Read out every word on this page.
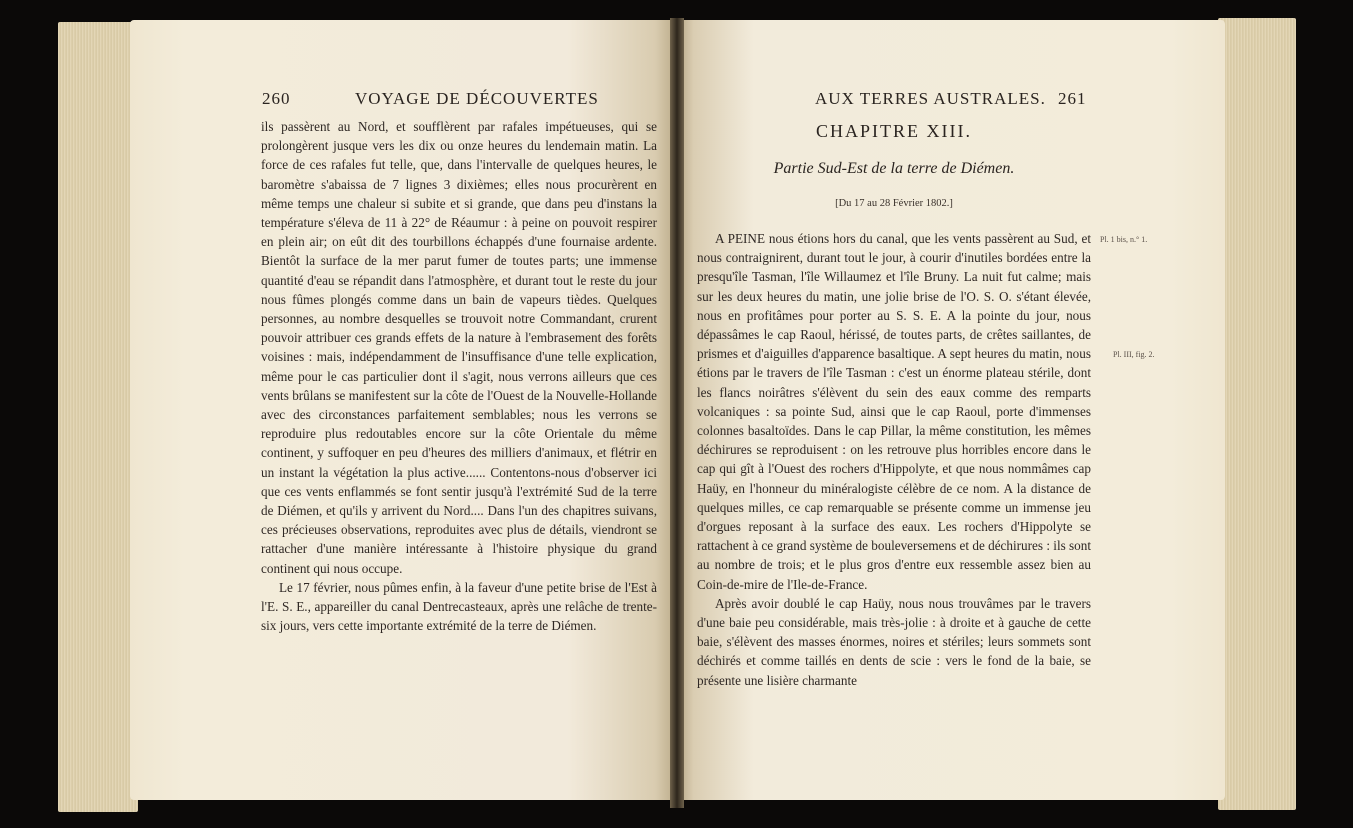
260	VOYAGE DE DÉCOUVERTES

ils passèrent au Nord, et soufflèrent par rafales impétueuses, qui se prolongèrent jusque vers les dix ou onze heures du lendemain matin. La force de ces rafales fut telle, que, dans l'intervalle de quelques heures, le baromètre s'abaissa de 7 lignes 3 dixièmes; elles nous procurèrent en même temps une chaleur si subite et si grande, que dans peu d'instans la température s'éleva de 11 à 22° de Réaumur : à peine on pouvoit respirer en plein air; on eût dit des tourbillons échappés d'une fournaise ardente. Bientôt la surface de la mer parut fumer de toutes parts; une immense quantité d'eau se répandit dans l'atmosphère, et durant tout le reste du jour nous fûmes plongés comme dans un bain de vapeurs tièdes. Quelques personnes, au nombre desquelles se trouvoit notre Commandant, crurent pouvoir attribuer ces grands effets de la nature à l'embrasement des forêts voisines : mais, indépendamment de l'insuffisance d'une telle explication, même pour le cas particulier dont il s'agit, nous verrons ailleurs que ces vents brûlans se manifestent sur la côte de l'Ouest de la Nouvelle-Hollande avec des circonstances parfaitement semblables; nous les verrons se reproduire plus redoutables encore sur la côte Orientale du même continent, y suffoquer en peu d'heures des milliers d'animaux, et flétrir en un instant la végétation la plus active...... Contentons-nous d'observer ici que ces vents enflammés se font sentir jusqu'à l'extrémité Sud de la terre de Diémen, et qu'ils y arrivent du Nord.... Dans l'un des chapitres suivans, ces précieuses observations, reproduites avec plus de détails, viendront se rattacher d'une manière intéressante à l'histoire physique du grand continent qui nous occupe.

Le 17 février, nous pûmes enfin, à la faveur d'une petite brise de l'Est à l'E. S. E., appareiller du canal Dentrecasteaux, après une relâche de trente-six jours, vers cette importante extrémité de la terre de Diémen.

AUX TERRES AUSTRALES. 261
CHAPITRE XIII.
Partie Sud-Est de la terre de Diémen.
[Du 17 au 28 Février 1802.]

A PEINE nous étions hors du canal, que les vents passèrent au Sud, et nous contraignirent, durant tout le jour, à courir d'inutiles bordées entre la presqu'île Tasman, l'île Willaumez et l'île Bruny. La nuit fut calme; mais sur les deux heures du matin, une jolie brise de l'O. S. O. s'étant élevée, nous en profitâmes pour porter au S. S. E. A la pointe du jour, nous dépassâmes le cap Raoul, hérissé, de toutes parts, de crêtes saillantes, de prismes et d'aiguilles d'apparence basaltique. A sept heures du matin, nous étions par le travers de l'île Tasman : c'est un énorme plateau stérile, dont les flancs noirâtres s'élèvent du sein des eaux comme des remparts volcaniques : sa pointe Sud, ainsi que le cap Raoul, porte d'immenses colonnes basaltoïdes. Dans le cap Pillar, la même constitution, les mêmes déchirures se reproduisent : on les retrouve plus horribles encore dans le cap qui gît à l'Ouest des rochers d'Hippolyte, et que nous nommâmes cap Haüy, en l'honneur du minéralogiste célèbre de ce nom. A la distance de quelques milles, ce cap remarquable se présente comme un immense jeu d'orgues reposant à la surface des eaux. Les rochers d'Hippolyte se rattachent à ce grand système de bouleversemens et de déchirures : ils sont au nombre de trois; et le plus gros d'entre eux ressemble assez bien au Coin-de-mire de l'Ile-de-France.

Après avoir doublé le cap Haüy, nous nous trouvâmes par le travers d'une baie peu considérable, mais très-jolie : à droite et à gauche de cette baie, s'élèvent des masses énormes, noires et stériles; leurs sommets sont déchirés et comme taillés en dents de scie : vers le fond de la baie, se présente une lisière charmante

Pl. 1 bis, n.° 1.
Pl. III, fig. 2.
